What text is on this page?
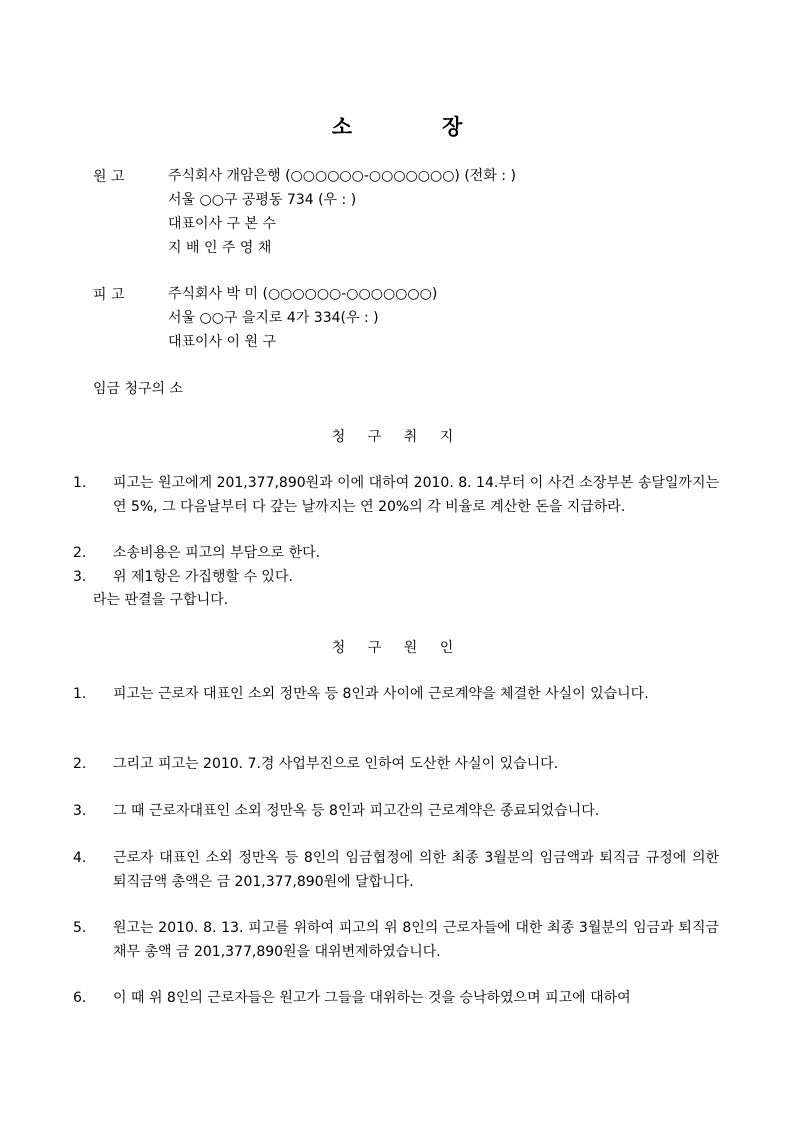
소	장
원 고	주식회사 개암은행 (○○○○○○-○○○○○○○) (전화 : )
서울 ○○구 공평동 734 (우 : )
대표이사 구 본 수
지 배 인 주 영 채
피 고	주식회사 박 미 (○○○○○○-○○○○○○○)
서울 ○○구 을지로 4가 334(우 : )
대표이사 이 원 구
임금 청구의 소
청 구 취 지
1. 피고는 원고에게 201,377,890원과 이에 대하여 2010. 8. 14.부터 이 사건 소장부본 송달일까지는 연 5%, 그 다음날부터 다 갚는 날까지는 연 20%의 각 비율로 계산한 돈을 지급하라.
2. 소송비용은 피고의 부담으로 한다.
3. 위 제1항은 가집행할 수 있다.
라는 판결을 구합니다.
청 구 원 인
1. 피고는 근로자 대표인 소외 정만옥 등 8인과 사이에 근로계약을 체결한 사실이 있습니다.
2. 그리고 피고는 2010. 7.경 사업부진으로 인하여 도산한 사실이 있습니다.
3. 그 때 근로자대표인 소외 정만옥 등 8인과 피고간의 근로계약은 종료되었습니다.
4. 근로자 대표인 소외 정만옥 등 8인의 임금협정에 의한 최종 3월분의 임금액과 퇴직금 규정에 의한 퇴직금액 총액은 금 201,377,890원에 달합니다.
5. 원고는 2010. 8. 13. 피고를 위하여 피고의 위 8인의 근로자들에 대한 최종 3월분의 임금과 퇴직금 채무 총액 금 201,377,890원을 대위변제하였습니다.
6. 이 때 위 8인의 근로자들은 원고가 그들을 대위하는 것을 승낙하였으며 피고에 대하여
